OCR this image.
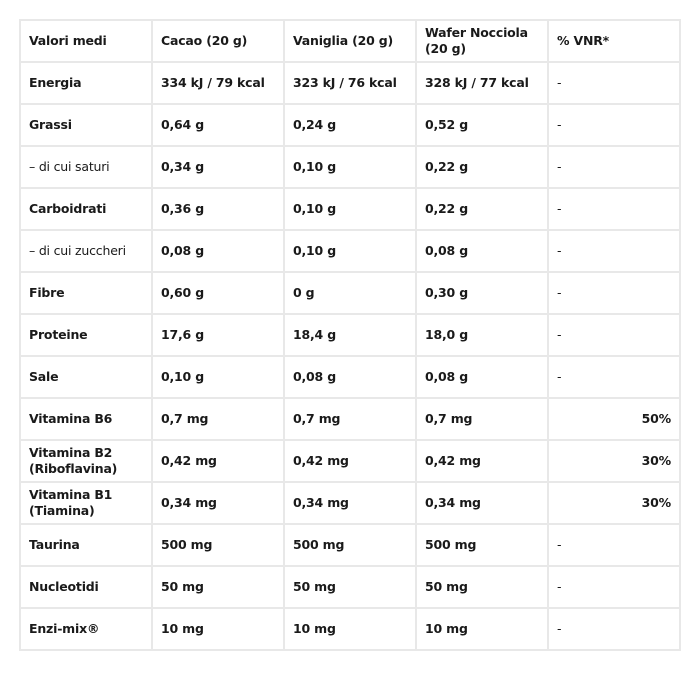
Valori medi	Cacao (20 g)	Vaniglia (20 g)	Wafer Nocciola (20 g)	% VNR*
Energia	334 kJ / 79 kcal	323 kJ / 76 kcal	328 kJ / 77 kcal	-
Grassi	0,64 g	0,24 g	0,52 g	-
– di cui saturi	0,34 g	0,10 g	0,22 g	-
Carboidrati	0,36 g	0,10 g	0,22 g	-
– di cui zuccheri	0,08 g	0,10 g	0,08 g	-
Fibre	0,60 g	0 g	0,30 g	-
Proteine	17,6 g	18,4 g	18,0 g	-
Sale	0,10 g	0,08 g	0,08 g	-
Vitamina B6	0,7 mg	0,7 mg	0,7 mg	50%
Vitamina B2 (Riboflavina)	0,42 mg	0,42 mg	0,42 mg	30%
Vitamina B1 (Tiamina)	0,34 mg	0,34 mg	0,34 mg	30%
Taurina	500 mg	500 mg	500 mg	-
Nucleotidi	50 mg	50 mg	50 mg	-
Enzi-mix®	10 mg	10 mg	10 mg	-
